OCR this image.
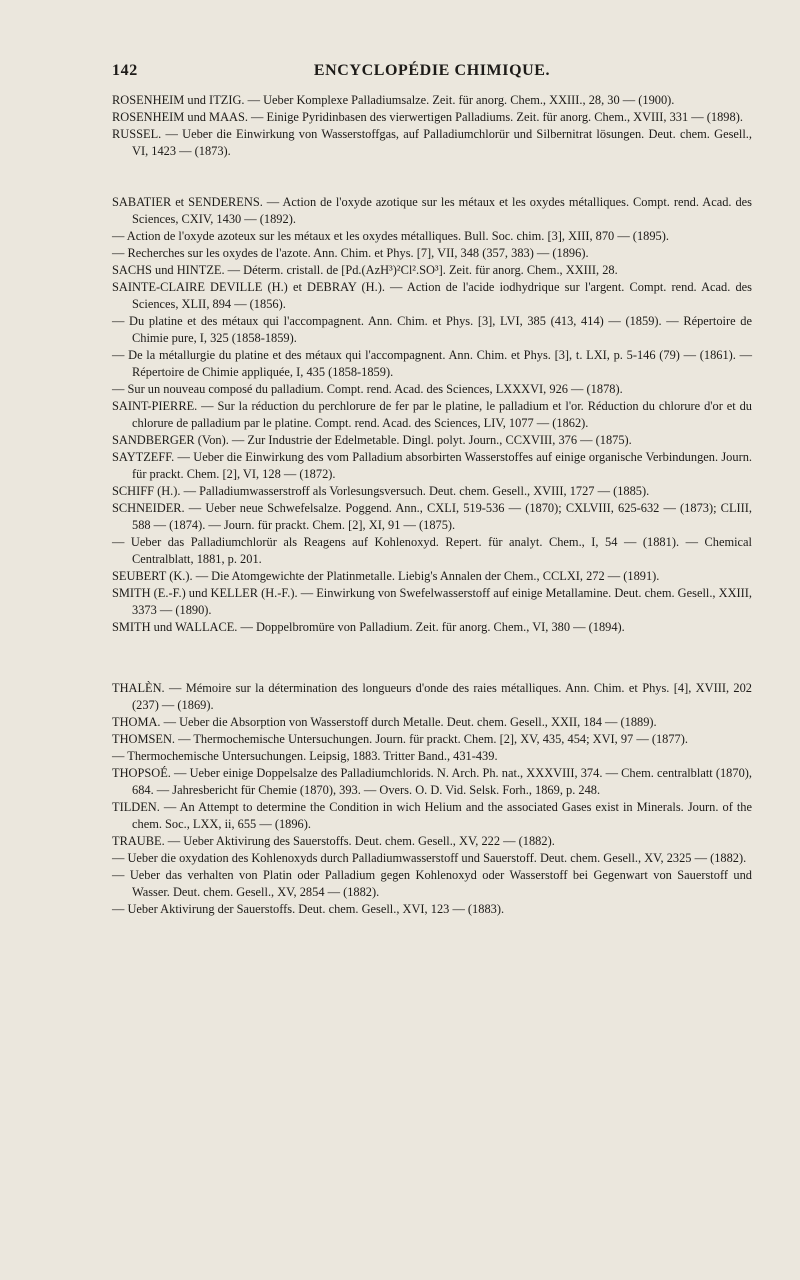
142	ENCYCLOPÉDIE CHIMIQUE.

ROSENHEIM und ITZIG. — Ueber Komplexe Palladiumsalze. Zeit. für anorg. Chem., XXIII., 28, 30 — (1900).

ROSENHEIM und MAAS. — Einige Pyridinbasen des vierwertigen Palladiums. Zeit. für anorg. Chem., XVIII, 331 — (1898).

RUSSEL. — Ueber die Einwirkung von Wasserstoffgas, auf Palladiumchlorür und Silbernitrat lösungen. Deut. chem. Gesell., VI, 1423 — (1873).

SABATIER et SENDERENS. — Action de l'oxyde azotique sur les métaux et les oxydes métalliques. Compt. rend. Acad. des Sciences, CXIV, 1430 — (1892).

— Action de l'oxyde azoteux sur les métaux et les oxydes métalliques. Bull. Soc. chim. [3], XIII, 870 — (1895).

— Recherches sur les oxydes de l'azote. Ann. Chim. et Phys. [7], VII, 348 (357, 383) — (1896).

SACHS und HINTZE. — Déterm. cristall. de [Pd.(AzH³)²Cl².SO³]. Zeit. für anorg. Chem., XXIII, 28.

SAINTE-CLAIRE DEVILLE (H.) et DEBRAY (H.). — Action de l'acide iodhydrique sur l'argent. Compt. rend. Acad. des Sciences, XLII, 894 — (1856).

— Du platine et des métaux qui l'accompagnent. Ann. Chim. et Phys. [3], LVI, 385 (413, 414) — (1859). — Répertoire de Chimie pure, I, 325 (1858-1859).

— De la métallurgie du platine et des métaux qui l'accompagnent. Ann. Chim. et Phys. [3], t. LXI, p. 5-146 (79) — (1861). — Répertoire de Chimie appliquée, I, 435 (1858-1859).

— Sur un nouveau composé du palladium. Compt. rend. Acad. des Sciences, LXXXVI, 926 — (1878).

SAINT-PIERRE. — Sur la réduction du perchlorure de fer par le platine, le palladium et l'or. Réduction du chlorure d'or et du chlorure de palladium par le platine. Compt. rend. Acad. des Sciences, LIV, 1077 — (1862).

SANDBERGER (Von). — Zur Industrie der Edelmetable. Dingl. polyt. Journ., CCXVIII, 376 — (1875).

SAYTZEFF. — Ueber die Einwirkung des vom Palladium absorbirten Wasserstoffes auf einige organische Verbindungen. Journ. für prackt. Chem. [2], VI, 128 — (1872).

SCHIFF (H.). — Palladiumwasserstroff als Vorlesungsversuch. Deut. chem. Gesell., XVIII, 1727 — (1885).

SCHNEIDER. — Ueber neue Schwefelsalze. Poggend. Ann., CXLI, 519-536 — (1870); CXLVIII, 625-632 — (1873); CLIII, 588 — (1874). — Journ. für prackt. Chem. [2], XI, 91 — (1875).

— Ueber das Palladiumchlorür als Reagens auf Kohlenoxyd. Repert. für analyt. Chem., I, 54 — (1881). — Chemical Centralblatt, 1881, p. 201.

SEUBERT (K.). — Die Atomgewichte der Platinmetalle. Liebig's Annalen der Chem., CCLXI, 272 — (1891).

SMITH (E.-F.) und KELLER (H.-F.). — Einwirkung von Swefelwasserstoff auf einige Metallamine. Deut. chem. Gesell., XXIII, 3373 — (1890).

SMITH und WALLACE. — Doppelbromüre von Palladium. Zeit. für anorg. Chem., VI, 380 — (1894).

THALÈN. — Mémoire sur la détermination des longueurs d'onde des raies métalliques. Ann. Chim. et Phys. [4], XVIII, 202 (237) — (1869).

THOMA. — Ueber die Absorption von Wasserstoff durch Metalle. Deut. chem. Gesell., XXII, 184 — (1889).

THOMSEN. — Thermochemische Untersuchungen. Journ. für prackt. Chem. [2], XV, 435, 454; XVI, 97 — (1877).

— Thermochemische Untersuchungen. Leipsig, 1883. Tritter Band., 431-439.

THOPSOÉ. — Ueber einige Doppelsalze des Palladiumchlorids. N. Arch. Ph. nat., XXXVIII, 374. — Chem. centralblatt (1870), 684. — Jahresbericht für Chemie (1870), 393. — Overs. O. D. Vid. Selsk. Forh., 1869, p. 248.

TILDEN. — An Attempt to determine the Condition in wich Helium and the associated Gases exist in Minerals. Journ. of the chem. Soc., LXX, ii, 655 — (1896).

TRAUBE. — Ueber Aktivirung des Sauerstoffs. Deut. chem. Gesell., XV, 222 — (1882).

— Ueber die oxydation des Kohlenoxyds durch Palladiumwasserstoff und Sauerstoff. Deut. chem. Gesell., XV, 2325 — (1882).

— Ueber das verhalten von Platin oder Palladium gegen Kohlenoxyd oder Wasserstoff bei Gegenwart von Sauerstoff und Wasser. Deut. chem. Gesell., XV, 2854 — (1882).

— Ueber Aktivirung der Sauerstoffs. Deut. chem. Gesell., XVI, 123 — (1883).
